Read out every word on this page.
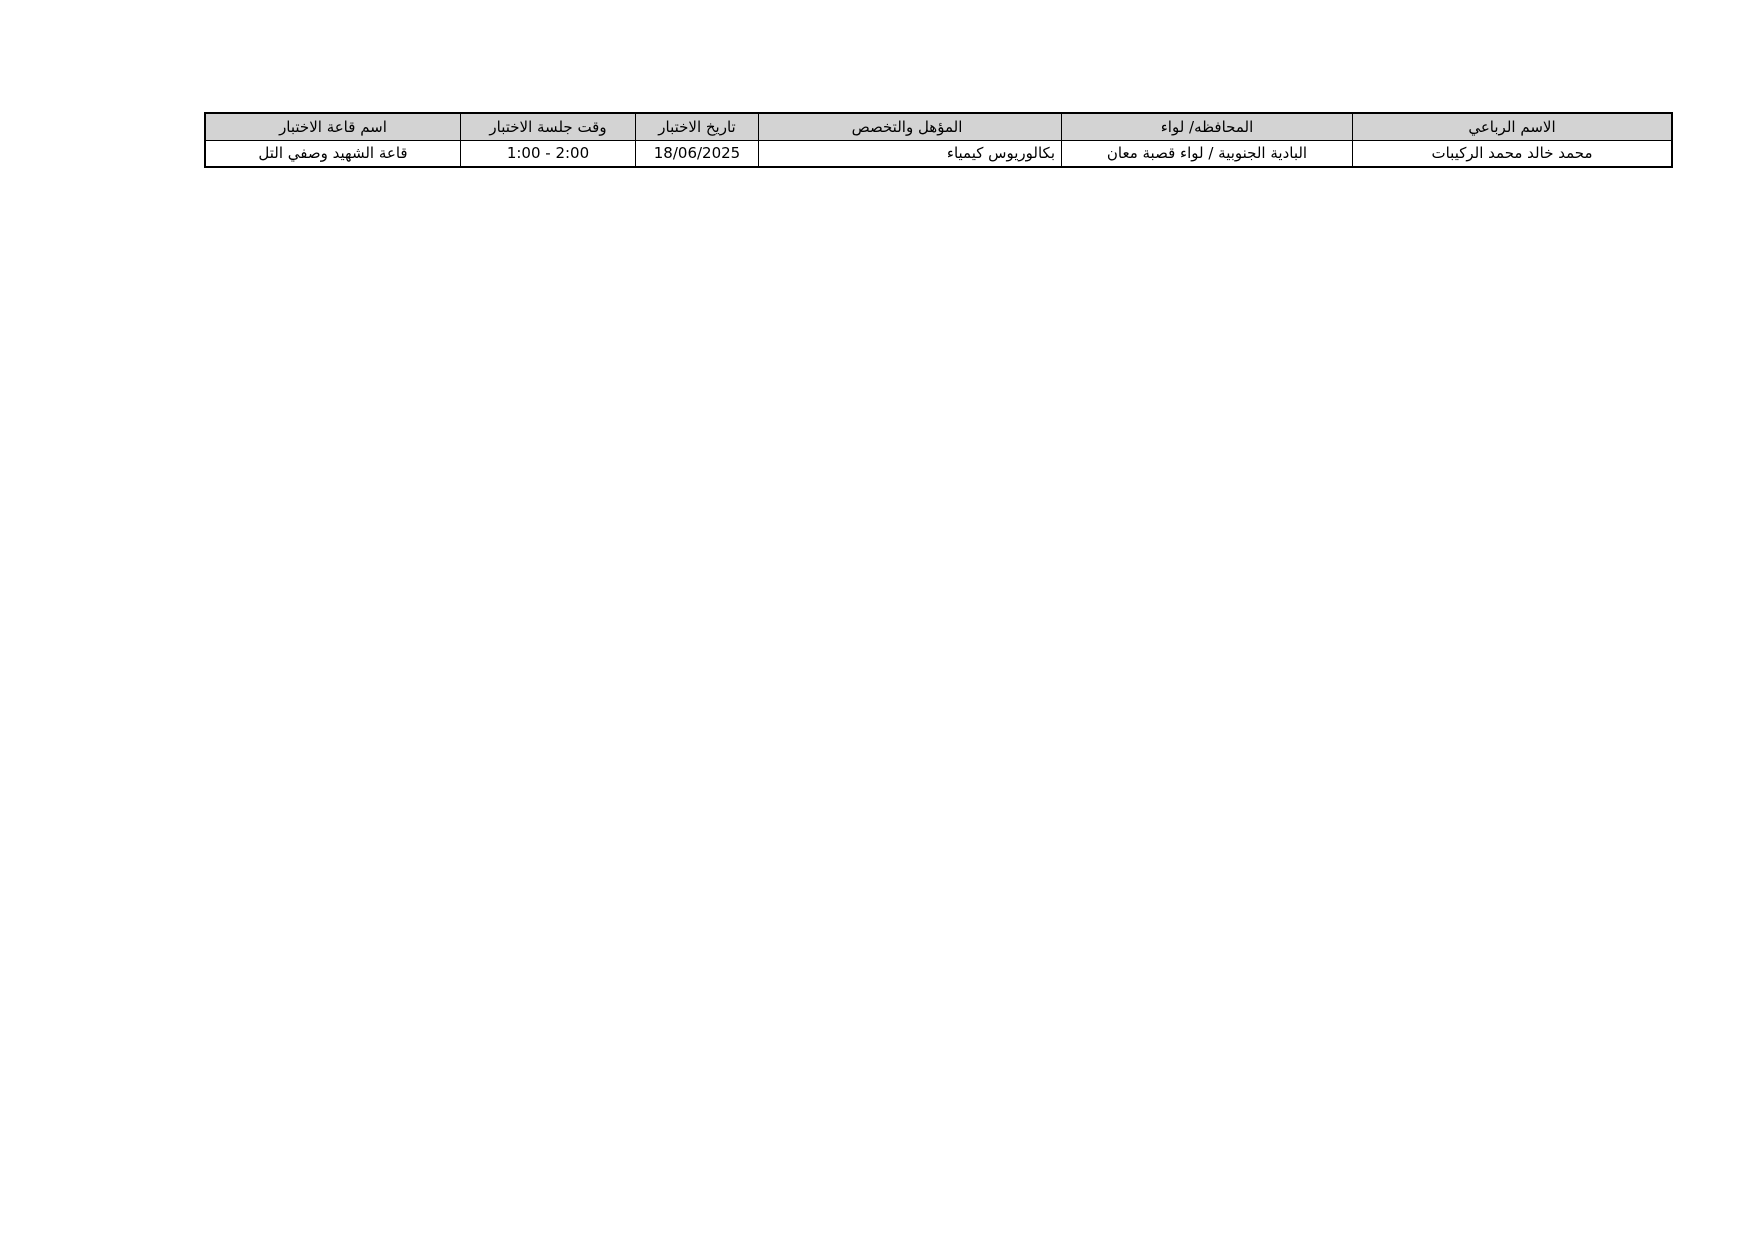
اسم قاعة الاختبار	وقت جلسة الاختبار	تاريخ الاختبار	المؤهل والتخصص	المحافظه/ لواء	الاسم الرباعي
قاعة الشهيد وصفي التل	1:00 - 2:00	18/06/2025	بكالوريوس كيمياء	البادية الجنوبية / لواء قصبة معان	محمد خالد محمد الركيبات
